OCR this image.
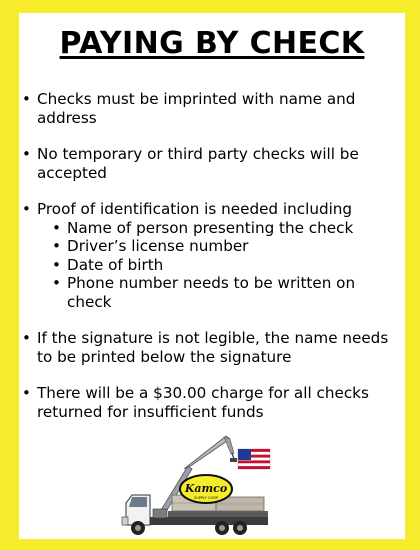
PAYING BY CHECK
• Checks must be imprinted with name and address
• No temporary or third party checks will be accepted
• Proof of identification is needed including
• Name of person presenting the check
• Driver’s license number
• Date of birth
• Phone number needs to be written on check
• If the signature is not legible, the name needs to be printed below the signature
• There will be a $30.00 charge for all checks returned for insufficient funds
Kamco
SUPPLY CORP
